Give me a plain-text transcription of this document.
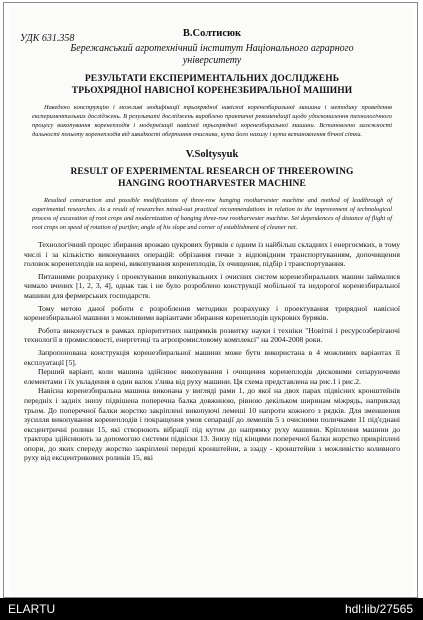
УДК 631.358	В.Солтисюк
Бережанський агротехнічний інститут Національного аграрного університету
РЕЗУЛЬТАТИ ЕКСПЕРИМЕНТАЛЬНИХ ДОСЛІДЖЕНЬ
ТРЬОХРЯДНОЇ НАВІСНОЇ КОРЕНЕЗБИРАЛЬНОЇ МАШИНИ
Наведено конструкцію і можливі модифікації трьохрядної навісної коренезбиральної машини і методику проведення експериментальних досліджень. В результаті досліджень вироблено практичні рекомендації щодо удосконалення технологічного процесу викопування коренеплодів і модернізації навісної трьохрядної коренезбиральної машини. Встановлено залежності дальності польоту коренеплодів від швидкості обертання очисника, кута його нахилу і кута встановлення бічної сітки.
V.Soltysyuk
RESULT OF EXPERIMENTAL RESEARCH OF THREEROWING
HANGING ROOTHARVESTER MACHINE
Resulted construction and possible modifications of three-row hanging rootharvester machine and method of leadthrough of experimental researches. As a result of researches mined-out practical recommendations in relation to the improvement of technological process of excavation of root crops and modernization of hanging three-row rootharvester machine. Set dependences of distance of flight of root crops on speed of rotation of purifier, angle of his slope and corner of establishment of cleaner net.

Технологічний процес збирання врожаю цукрових буряків є одним із найбільш складних і енергоємких, в тому числі і за кількістю виконуваних операцій: обрізання гички з відповідним транспортуванням, допочищення головок коренеплодів на корені, викопування коренеплодів, їх очищення, підбір і транспортування.

Питаннями розрахунку і проектування викопувальних і очисних систем коренезбиральних машин займалися чимало вчених [1, 2, 3, 4], однак так і не було розроблено конструкції мобільної та недорогої коренезбиральної машини для фермерських господарств.

Тому метою даної роботи є розроблення методики розрахунку і проектування трирядної навісної коренезбиральної машини з можливими варіантами збирання коренеплодів цукрових буряків.

Робота виконується в рамках пріоритетних напрямків розвитку науки і техніки "Новітні і ресурсозберігаючі технології в промисловості, енергетиці та агропромисловому комплексі" на 2004-2008 роки.

Запропонована конструкція коренезбиральної машини може бути використана в 4 можливих варіантах її експлуатації [5].

Перший варіант, коли машина здійснює викопування і очищення коренеплодів дисковими сепаруючими елементами і їх укладення в один валок з'лива від руху машини. Ця схема представлена на рис.1 і рис.2.

Навісна коренезбиральна машина виконана у вигляді рами 1, до якої на двох парах підвісних кронштейнів передніх і задніх знизу підвішена поперечна балка довжиною, рівною декільком ширинам міжрядь, наприклад трьом. До поперечної балки жорстко закріплені викопуючі лемеші 10 напроти кожного з рядків. Для зменшення зусилля викопування коренеплодів і покращення умов сепарації до лемешів 5 з очисними поличками 11 під'єднані ексцентричні ролики 15, які створюють вібрації під кутом до напрямку руху машини. Кріплення машини до трактора здійснюють за допомогою системи підвіски 13. Знизу під кінцями поперечної балки жорстко прикріплені опори, до яких спереду жорстко закріплені передні кронштейни, а ззаду - кронштейни з можливістю коливного руху від ексцентрикових роликів 15, які

ELARTU	hdl:lib/27565
